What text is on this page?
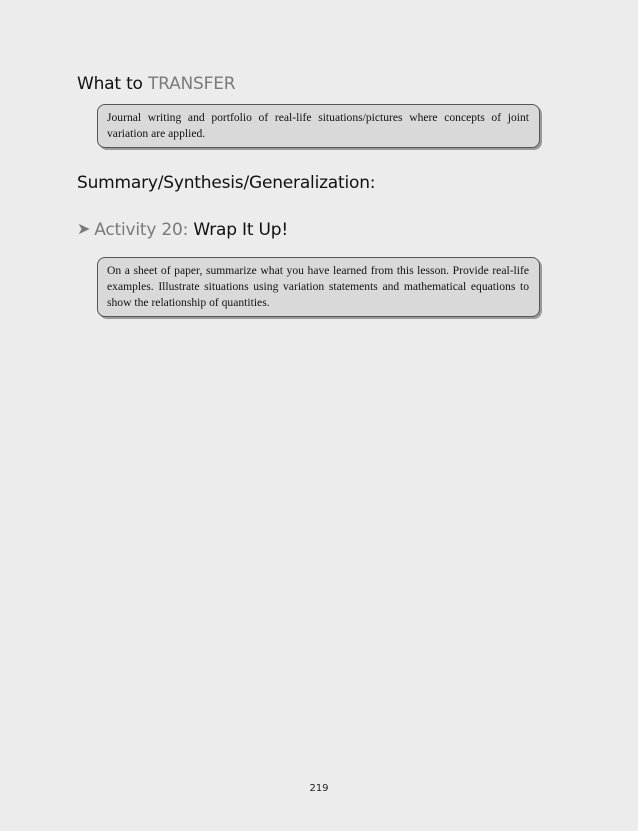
What to TRANSFER

Journal writing and portfolio of real-life situations/pictures where concepts of joint variation are applied.

Summary/Synthesis/Generalization:
➤ Activity 20: Wrap It Up!

On a sheet of paper, summarize what you have learned from this lesson. Provide real-life examples. Illustrate situations using variation statements and mathematical equations to show the relationship of quantities.

219
